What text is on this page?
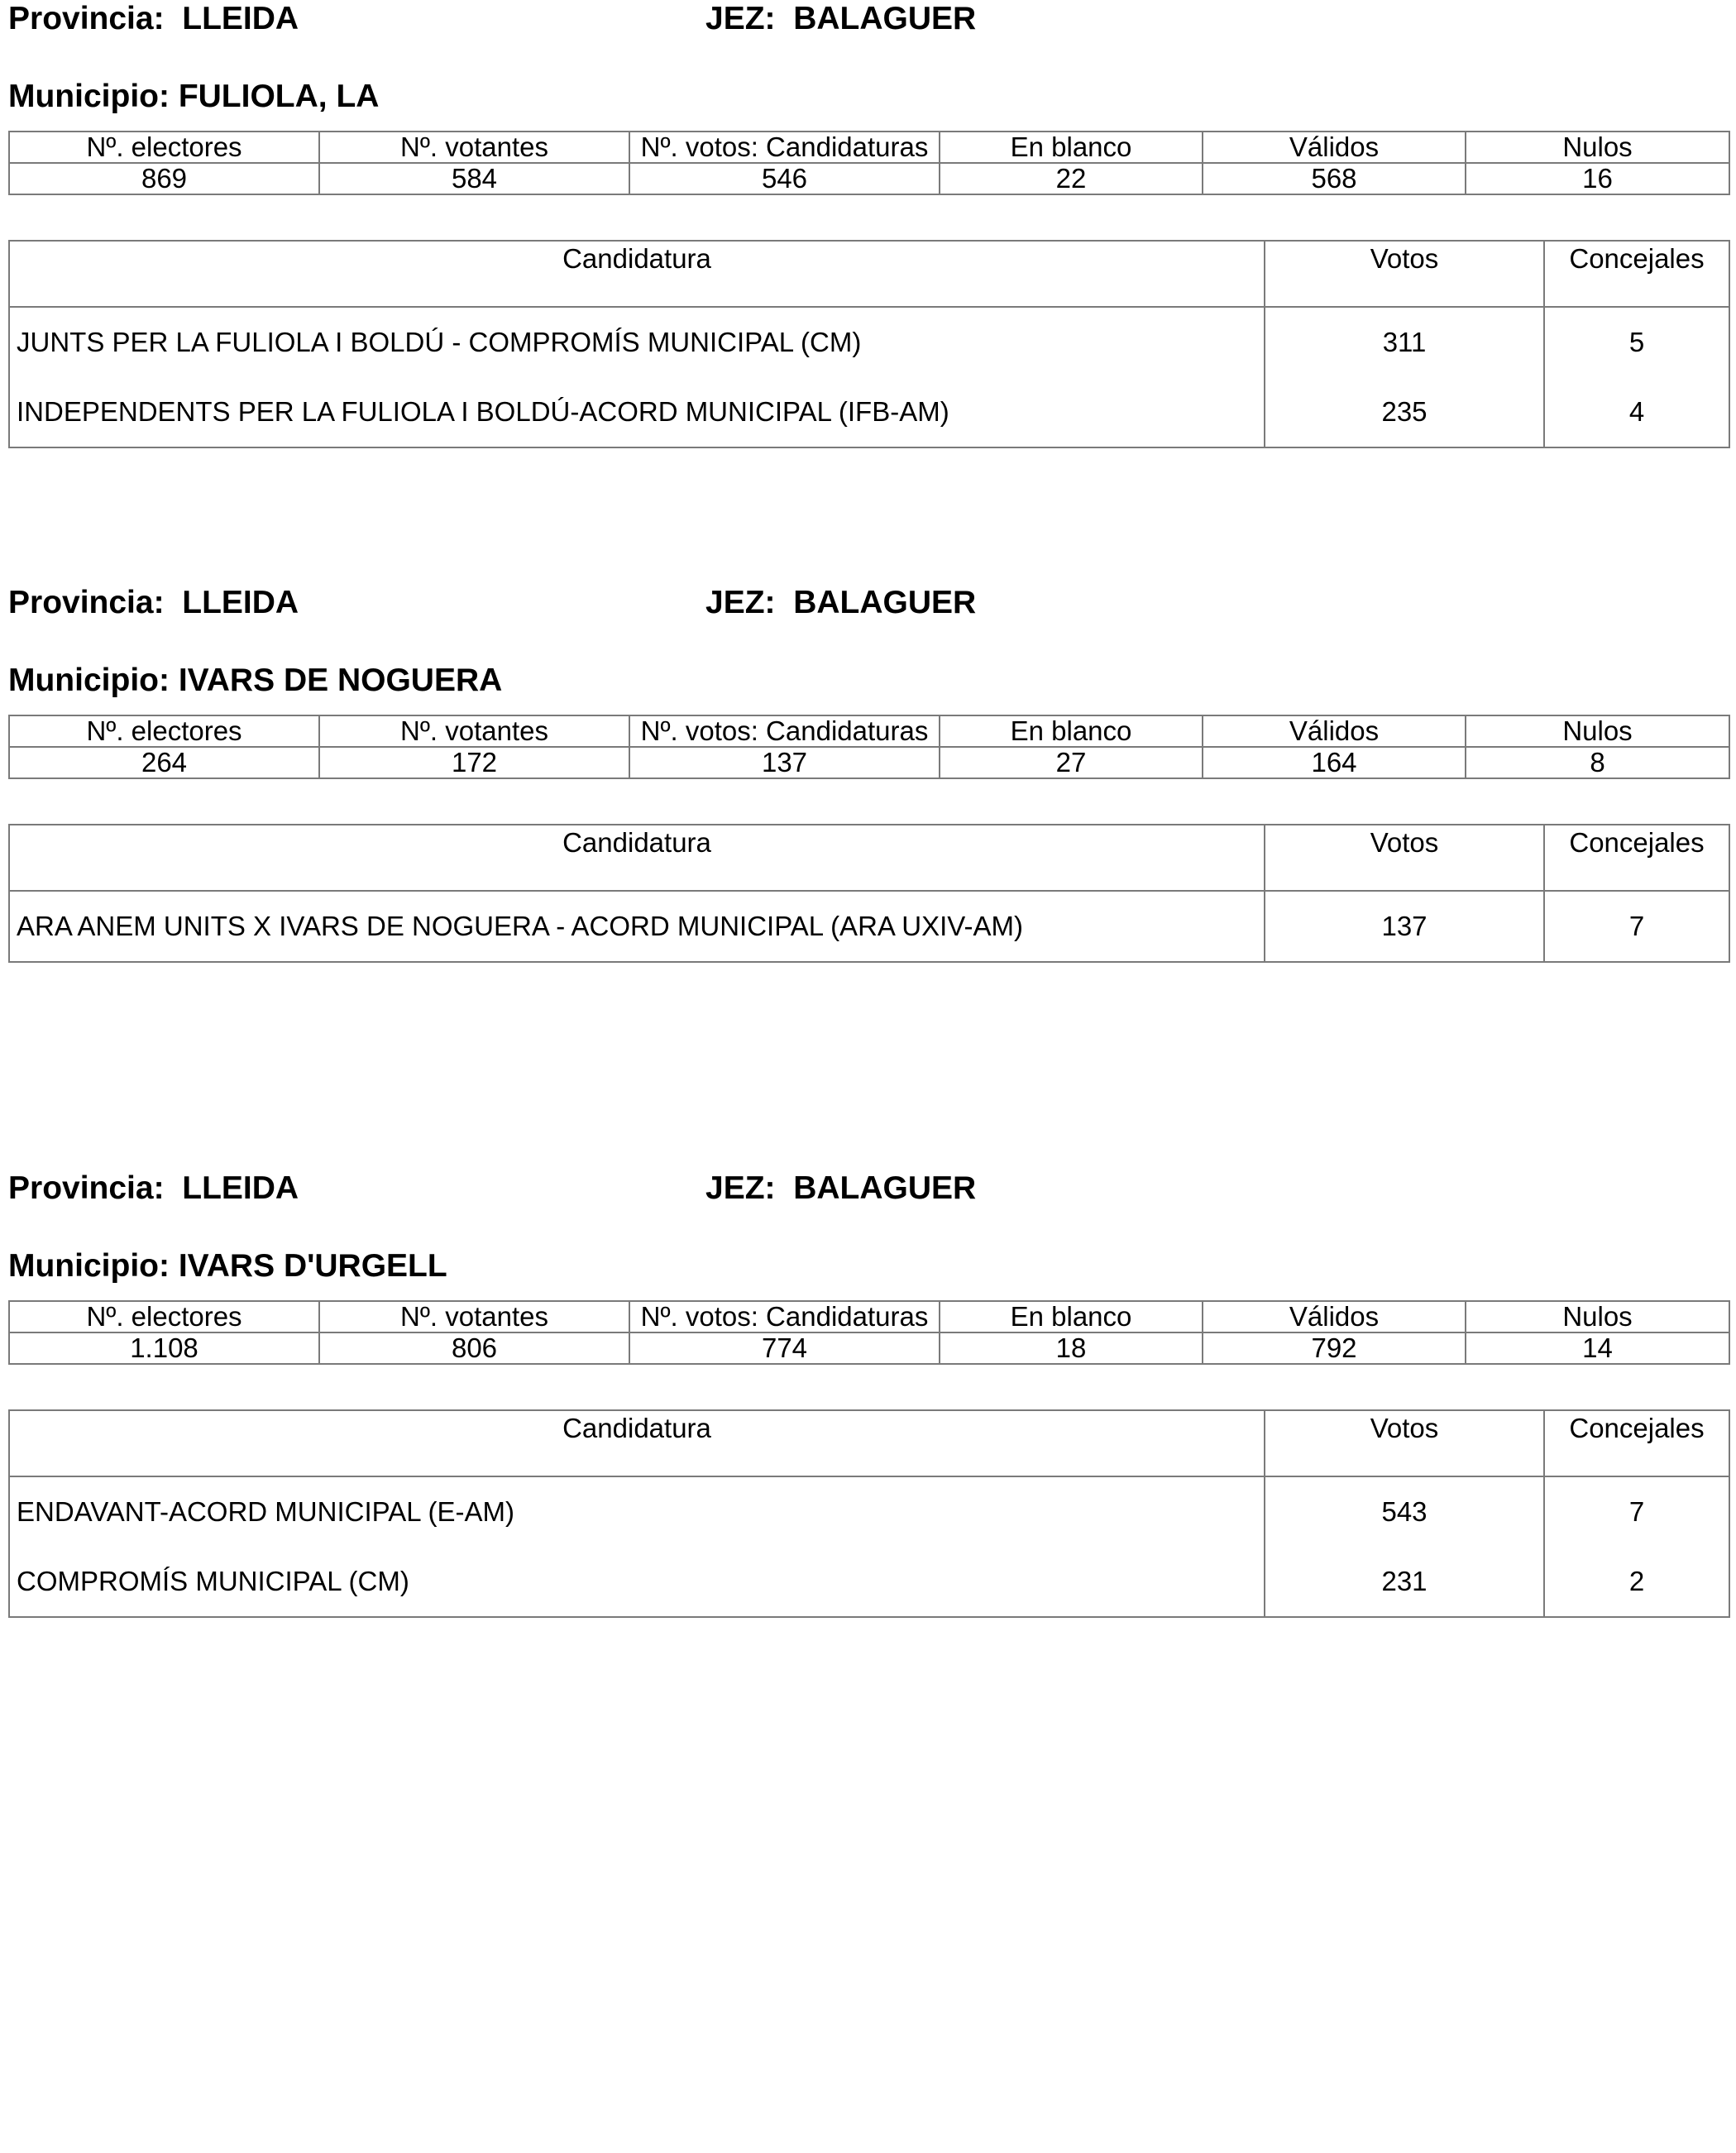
Provincia: LLEIDA	JEZ: BALAGUER
Municipio: FULIOLA, LA
Nº. electores	Nº. votantes	Nº. votos: Candidaturas	En blanco	Válidos	Nulos
869	584	546	22	568	16
Candidatura	Votos	Concejales
JUNTS PER LA FULIOLA I BOLDÚ - COMPROMÍS MUNICIPAL (CM)	311	5
INDEPENDENTS PER LA FULIOLA I BOLDÚ-ACORD MUNICIPAL (IFB-AM)	235	4
Provincia: LLEIDA	JEZ: BALAGUER
Municipio: IVARS DE NOGUERA
Nº. electores	Nº. votantes	Nº. votos: Candidaturas	En blanco	Válidos	Nulos
264	172	137	27	164	8
Candidatura	Votos	Concejales
ARA ANEM UNITS X IVARS DE NOGUERA - ACORD MUNICIPAL (ARA UXIV-AM)	137	7
Provincia: LLEIDA	JEZ: BALAGUER
Municipio: IVARS D'URGELL
Nº. electores	Nº. votantes	Nº. votos: Candidaturas	En blanco	Válidos	Nulos
1.108	806	774	18	792	14
Candidatura	Votos	Concejales
ENDAVANT-ACORD MUNICIPAL (E-AM)	543	7
COMPROMÍS MUNICIPAL (CM)	231	2
